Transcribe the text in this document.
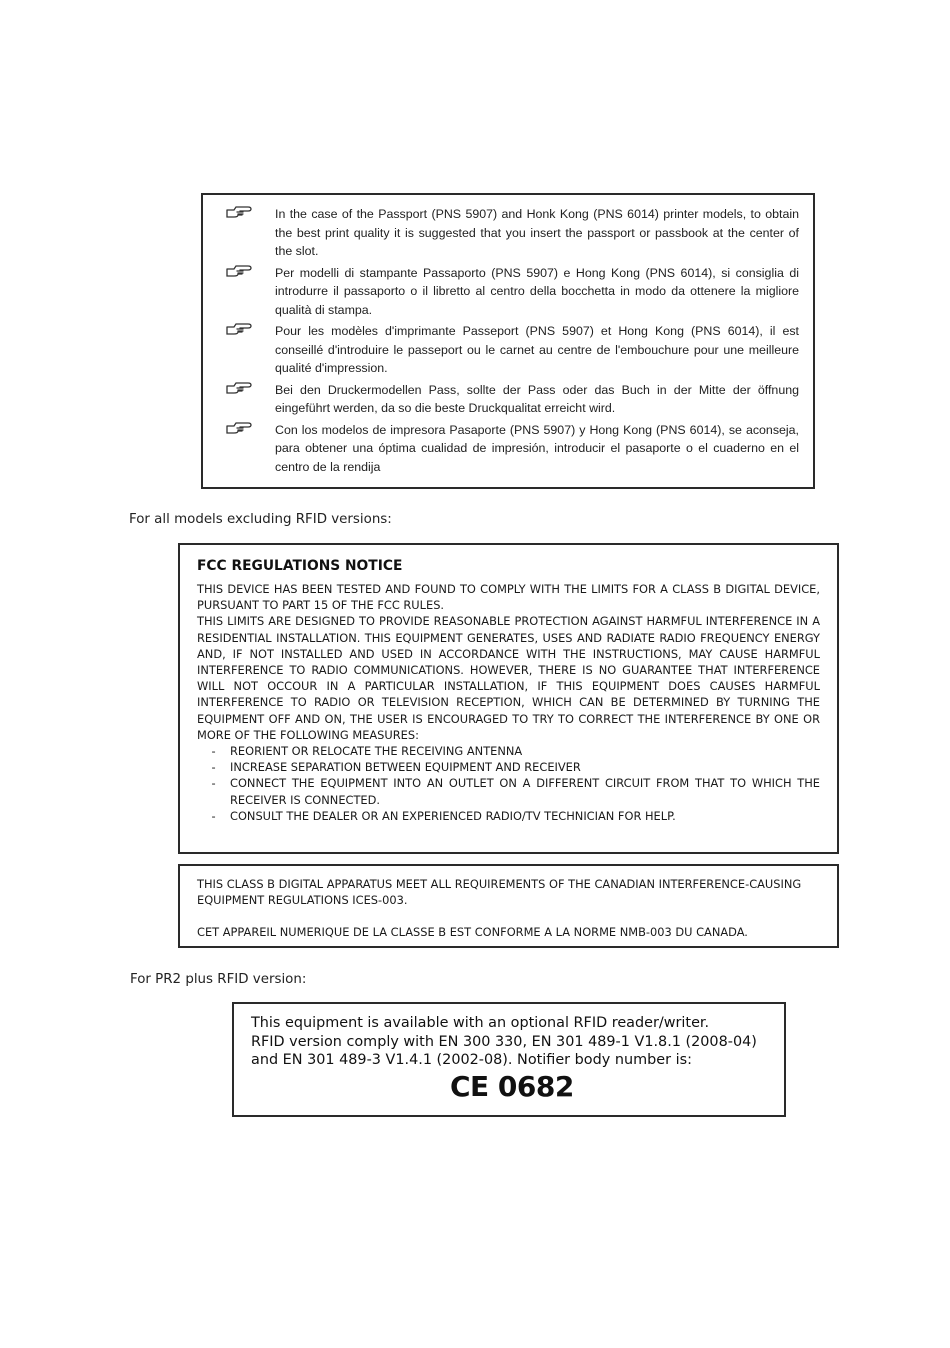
In the case of the Passport (PNS 5907) and Honk Kong (PNS 6014) printer models, to obtain the best print quality it is suggested that you insert the passport or passbook at the center of the slot.
Per modelli di stampante Passaporto (PNS 5907) e Hong Kong (PNS 6014), si consiglia di introdurre il passaporto o il libretto al centro della bocchetta in modo da ottenere la migliore qualità di stampa.
Pour les modèles d'imprimante Passeport (PNS 5907) et Hong Kong (PNS 6014), il est conseillé d'introduire le passeport ou le carnet au centre de l'embouchure pour une meilleure qualité d'impression.
Bei den Druckermodellen Pass, sollte der Pass oder das Buch in der Mitte der öffnung eingeführt werden, da so die beste Druckqualitat erreicht wird.
Con los modelos de impresora Pasaporte (PNS 5907) y Hong Kong (PNS 6014), se aconseja, para obtener una óptima cualidad de impresión, introducir el pasaporte o el cuaderno en el centro de la rendija
For all models excluding RFID versions:
FCC REGULATIONS NOTICE
THIS DEVICE HAS BEEN TESTED AND FOUND TO COMPLY WITH THE LIMITS FOR A CLASS B DIGITAL DEVICE, PURSUANT TO PART 15 OF THE FCC RULES.
THIS LIMITS ARE DESIGNED TO PROVIDE REASONABLE PROTECTION AGAINST HARMFUL INTERFERENCE IN A RESIDENTIAL INSTALLATION. THIS EQUIPMENT GENERATES, USES AND RADIATE RADIO FREQUENCY ENERGY AND, IF NOT INSTALLED AND USED IN ACCORDANCE WITH THE INSTRUCTIONS, MAY CAUSE HARMFUL INTERFERENCE TO RADIO COMMUNICATIONS. HOWEVER, THERE IS NO GUARANTEE THAT INTERFERENCE WILL NOT OCCOUR IN A PARTICULAR INSTALLATION, IF THIS EQUIPMENT DOES CAUSES HARMFUL INTERFERENCE TO RADIO OR TELEVISION RECEPTION, WHICH CAN BE DETERMINED BY TURNING THE EQUIPMENT OFF AND ON, THE USER IS ENCOURAGED TO TRY TO CORRECT THE INTERFERENCE BY ONE OR MORE OF THE FOLLOWING MEASURES:
-	REORIENT OR RELOCATE THE RECEIVING ANTENNA
-	INCREASE SEPARATION BETWEEN EQUIPMENT AND RECEIVER
-	CONNECT THE EQUIPMENT INTO AN OUTLET ON A DIFFERENT CIRCUIT FROM THAT TO WHICH THE RECEIVER IS CONNECTED.
-	CONSULT THE DEALER OR AN EXPERIENCED RADIO/TV TECHNICIAN FOR HELP.
THIS CLASS B DIGITAL APPARATUS MEET ALL REQUIREMENTS OF THE CANADIAN INTERFERENCE-CAUSING EQUIPMENT REGULATIONS ICES-003.
CET APPAREIL NUMERIQUE DE LA CLASSE B EST CONFORME A LA NORME NMB-003 DU CANADA.
For PR2 plus RFID version:
This equipment is available with an optional RFID reader/writer.
RFID version comply with EN 300 330, EN 301 489-1 V1.8.1 (2008-04)
and EN 301 489-3 V1.4.1 (2002-08). Notifier body number is:
CE 0682
